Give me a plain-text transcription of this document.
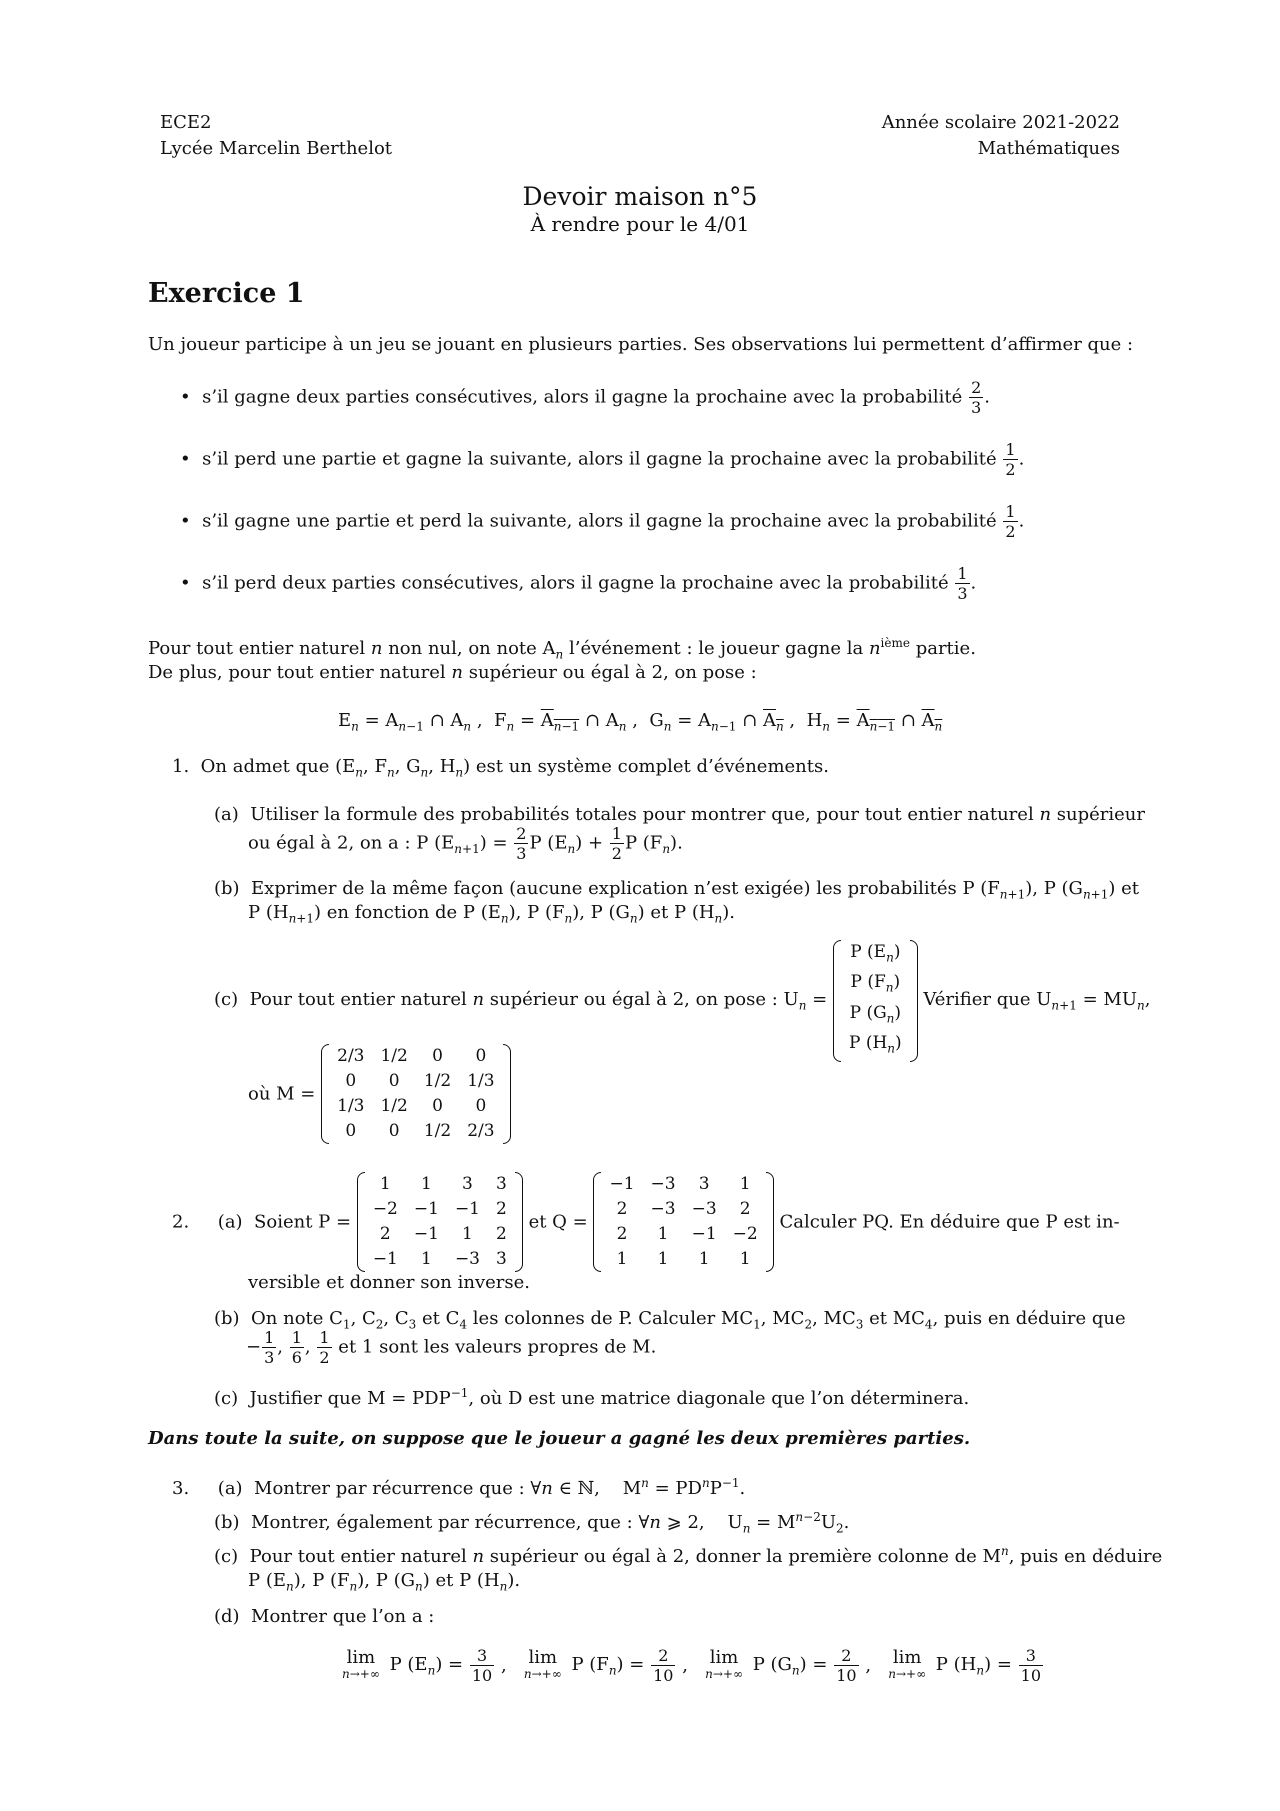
ECE2
Lycée Marcelin Berthelot
Année scolaire 2021-2022
Mathématiques
Devoir maison n°5
À rendre pour le 4/01
Exercice 1
Un joueur participe à un jeu se jouant en plusieurs parties. Ses observations lui permettent d’affirmer que :
• s’il gagne deux parties consécutives, alors il gagne la prochaine avec la probabilité $\frac{2}{3}$ .
• s’il perd une partie et gagne la suivante, alors il gagne la prochaine avec la probabilité $\frac{1}{2}$ .
• s’il gagne une partie et perd la suivante, alors il gagne la prochaine avec la probabilité $\frac{1}{2}$ .
• s’il perd deux parties consécutives, alors il gagne la prochaine avec la probabilité $\frac{1}{3}$ .
Pour tout entier naturel n non nul, on note $A_n$ l’événement : le joueur gagne la $n^{ième}$ partie.
De plus, pour tout entier naturel n supérieur ou égal à 2, on pose :
$E_n = A_{n-1}$ ∩ $A_n$ ,  $F_n = A_{n-1}$ ∩ $A_n$ ,  $G_n = A_{n-1}$ ∩ $A_n$ ,  $H_n = A_{n-1}$ ∩ $A_n$
1. On admet que ($E_n$, $F_n$, $G_n$, $H_n$) est un système complet d’événements.
(a) Utiliser la formule des probabilités totales pour montrer que, pour tout entier naturel n supérieur
ou égal à 2, on a : P $(E_{n+1}) = \frac{2}{3}$ P $(E_n) + \frac{1}{2}$ P $(F_n)$.
(b) Exprimer de la même façon (aucune explication n’est exigée) les probabilités P $(F_{n+1})$, P $(G_{n+1})$ et
P $(H_{n+1})$ en fonction de P $(E_n)$, P $(F_n)$, P $(G_n)$ et P $(H_n)$.
(c) Pour tout entier naturel n supérieur ou égal à 2, on pose : $U_n$ =
P $(E_n)$
P $(F_n)$
P $(G_n)$
P $(H_n)$
Vérifier que $U_{n+1} = MU_n$,
où M =
2/3	1/2	0	0
0	0	1/2	1/3
1/3	1/2	0	0
0	0	1/2	2/3
2. (a) Soient P =
1	1	3	3
−2	−1	−1	2
2	−1	1	2
−1	1	−3	3
et Q =
−1	−3	3	1
2	−3	−3	2
2	1	−1	−2
1	1	1	1
Calculer PQ. En déduire que P est in-
versible et donner son inverse.
(b) On note $C_1$, $C_2$, $C_3$ et $C_4$ les colonnes de P. Calculer $MC_1$, $MC_2$, $MC_3$ et $MC_4$, puis en déduire que
− $\frac{1}{3}$ , $\frac{1}{6}$ , $\frac{1}{2}$ et 1 sont les valeurs propres de M.
(c) Justifier que $M = PDP^{-1}$, où D est une matrice diagonale que l’on déterminera.
Dans toute la suite, on suppose que le joueur a gagné les deux premières parties.
3. (a) Montrer par récurrence que : ∀n ∈ ℕ,    $M^n = PD^nP^{-1}$.
(b) Montrer, également par récurrence, que : ∀n ⩾ 2,    $U_n = M^{n-2}U_2$.
(c) Pour tout entier naturel n supérieur ou égal à 2, donner la première colonne de $M^n$, puis en déduire
P $(E_n)$, P $(F_n)$, P $(G_n)$ et P $(H_n)$.
(d) Montrer que l’on a :
lim
n→+∞ P $(E_n) = \frac{3}{10}$ ,   lim
n→+∞ P $(F_n) = \frac{2}{10}$ ,   lim
n→+∞ P $(G_n) = \frac{2}{10}$ ,   lim
n→+∞ P $(H_n) = \frac{3}{10}$
